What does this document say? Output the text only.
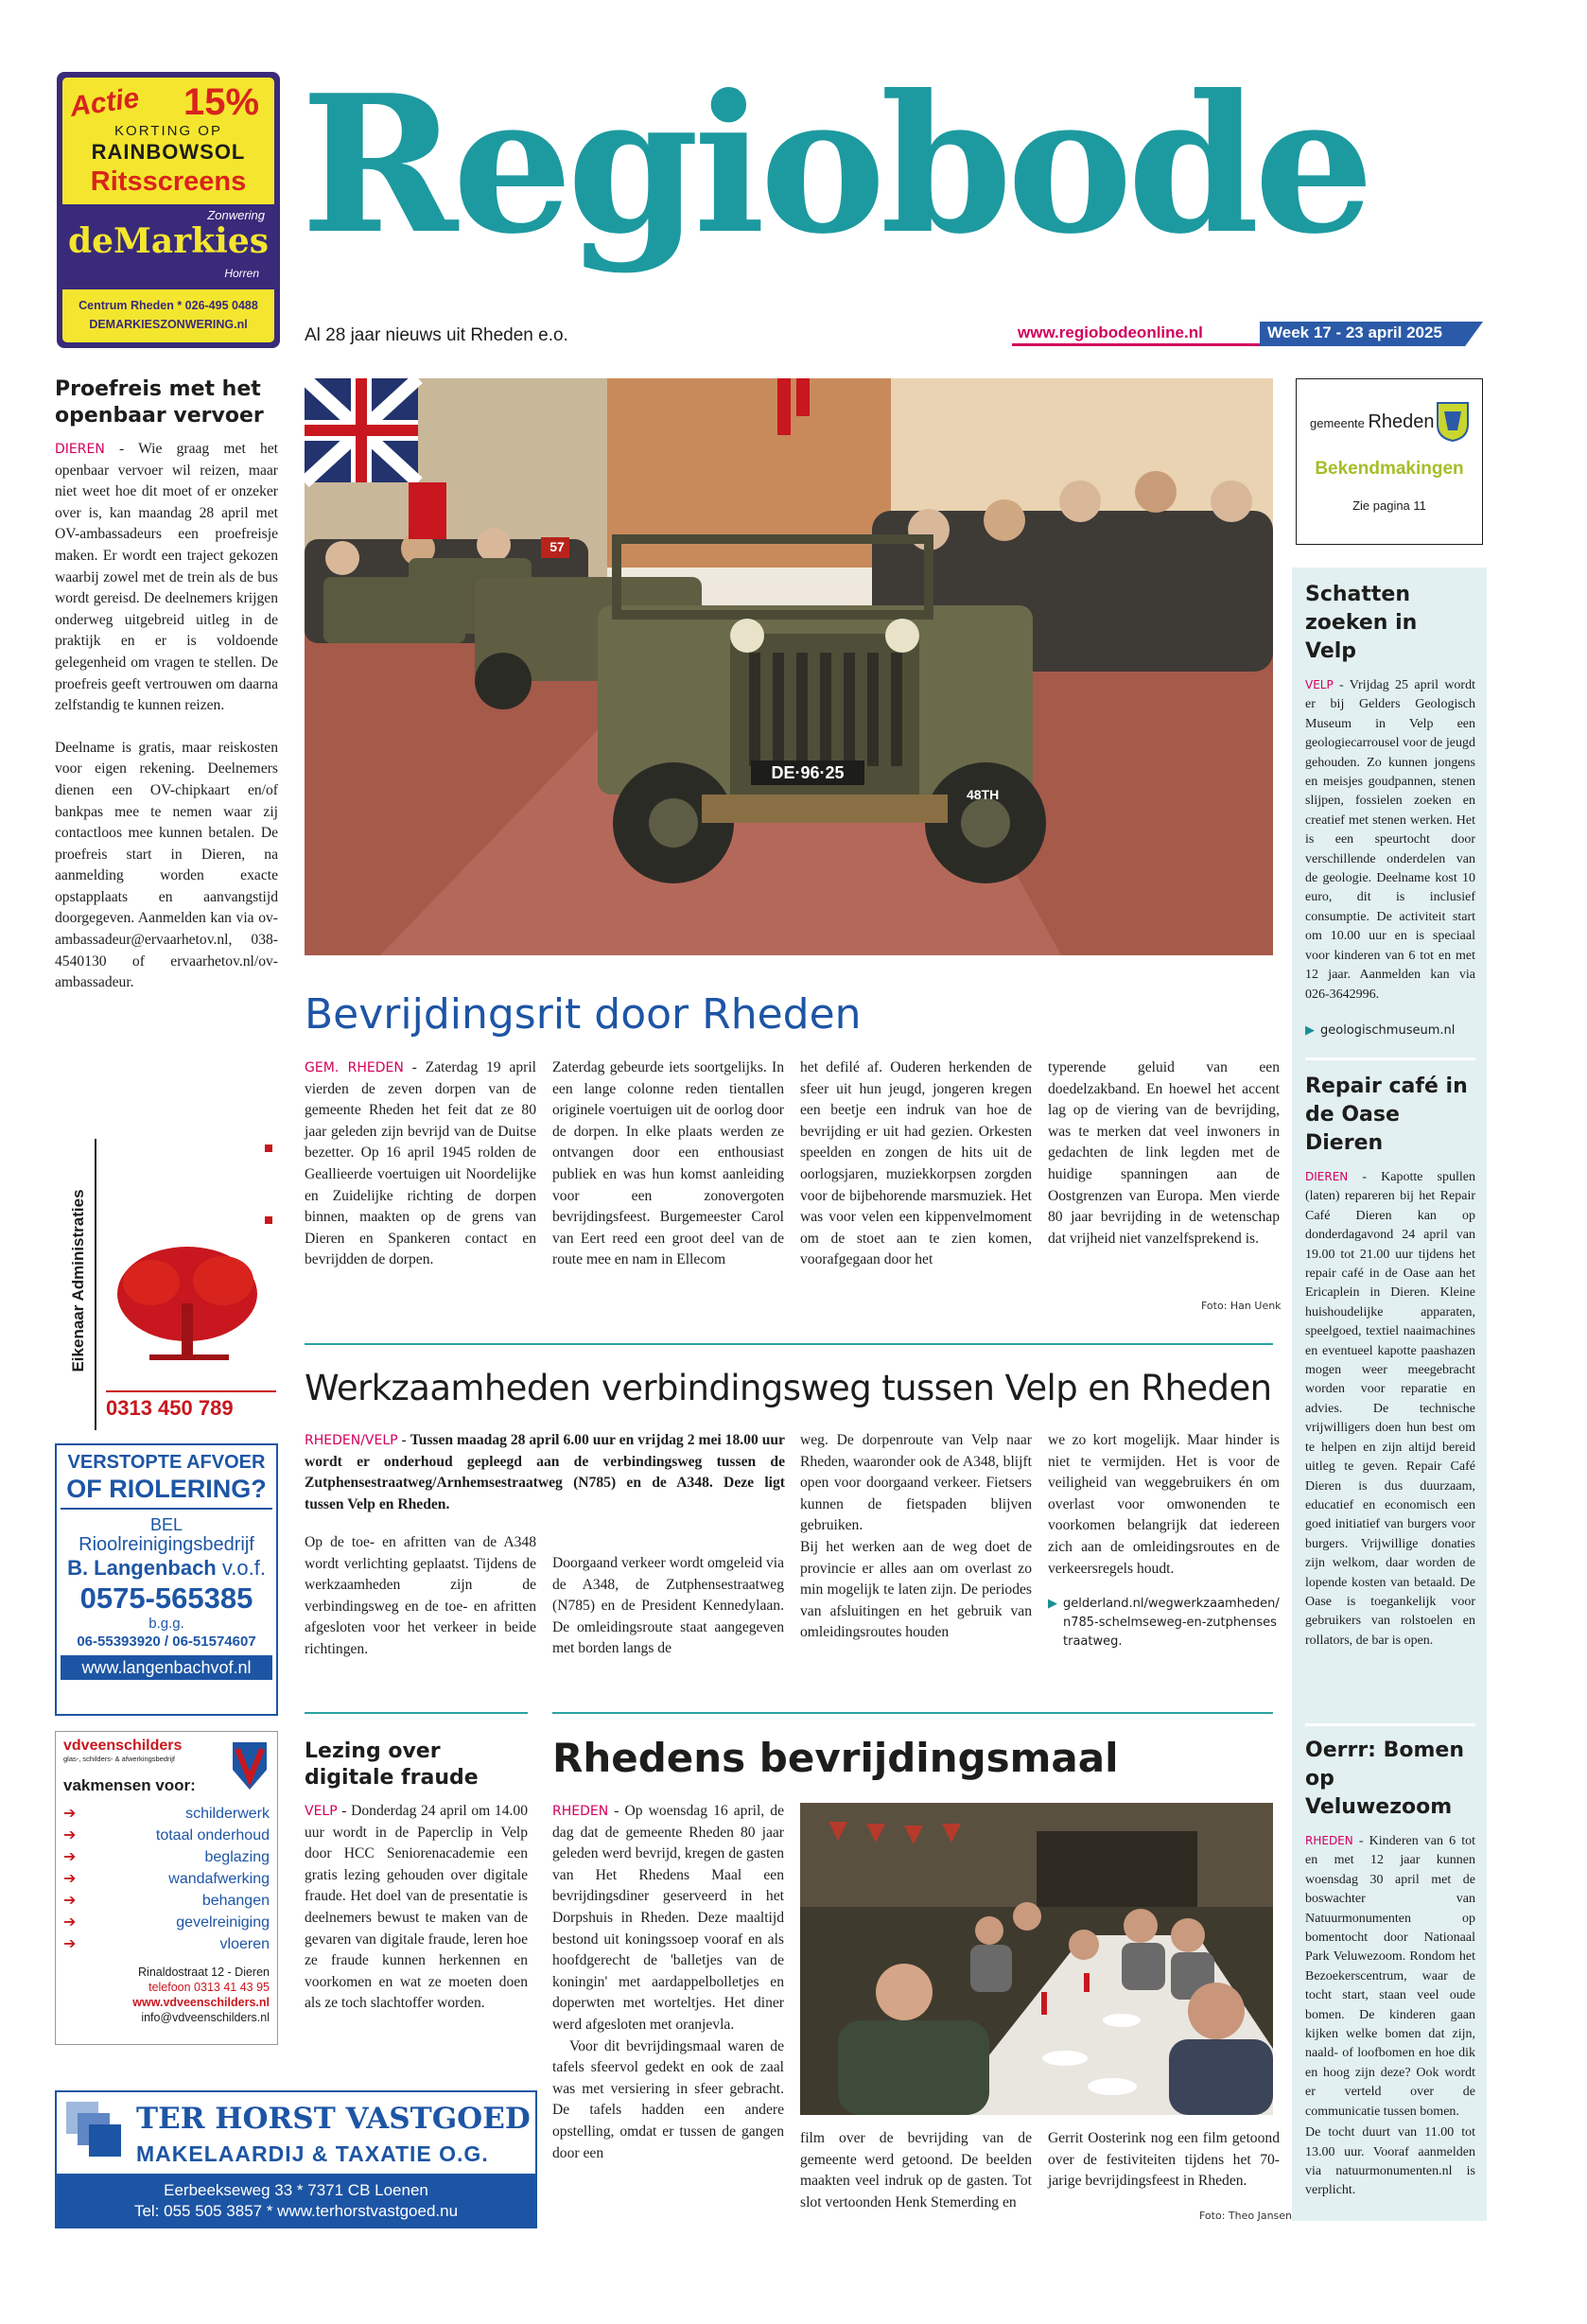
Actie 15%
KORTING OP
RAINBOWSOL
Ritsscreens
Zonwering
deMarkies
Horren
Centrum Rheden * 026-495 0488
DEMARKIESZONWERING.nl
Regiobode
Al 28 jaar nieuws uit Rheden e.o.	www.regiobodeonline.nl	Week 17 - 23 april 2025
Proefreis met het openbaar vervoer
DIEREN - Wie graag met het openbaar vervoer wil reizen, maar niet weet hoe dit moet of er onzeker over is, kan maandag 28 april met OV-ambassadeurs een proefreisje maken. Er wordt een traject gekozen waarbij zowel met de trein als de bus wordt gereisd. De deelnemers krijgen onderweg uitgebreid uitleg in de praktijk en er is voldoende gelegenheid om vragen te stellen. De proefreis geeft vertrouwen om daarna zelfstandig te kunnen reizen.
Deelname is gratis, maar reiskosten voor eigen rekening. Deelnemers dienen een OV-chipkaart en/of bankpas mee te nemen waar zij contactloos mee kunnen betalen. De proefreis start in Dieren, na aanmelding worden exacte opstapplaats en aanvangstijd doorgegeven. Aanmelden kan via ov-ambassadeur@ervaarhetov.nl, 038-4540130 of ervaarhetov.nl/ov-ambassadeur.
Eikenaar Administraties
0313 450 789
VERSTOPTE AFVOER
OF RIOLERING?
BEL
Rioolreinigingsbedrijf
B. Langenbach v.o.f.
0575-565385
b.g.g.
06-55393920 / 06-51574607
www.langenbachvof.nl
vdveenschilders
glas-, schilders- & afwerkingsbedrijf
vakmensen voor:
➔	schilderwerk
➔	totaal onderhoud
➔	beglazing
➔	wandafwerking
➔	behangen
➔	gevelreiniging
➔	vloeren
Rinaldostraat 12 - Dieren
telefoon 0313 41 43 95
www.vdveenschilders.nl
info@vdveenschilders.nl
TER HORST VASTGOED
MAKELAARDIJ & TAXATIE O.G.
Eerbeekseweg 33 * 7371 CB Loenen
Tel: 055 505 3857 * www.terhorstvastgoed.nu
57
DE·96·25
48TH
Bevrijdingsrit door Rheden
GEM. RHEDEN - Zaterdag 19 april vierden de zeven dorpen van de gemeente Rheden het feit dat ze 80 jaar geleden zijn bevrijd van de Duitse bezetter. Op 16 april 1945 rolden de Geallieerde voertuigen uit Noordelijke en Zuidelijke richting de dorpen binnen, maakten op de grens van Dieren en Spankeren contact en bevrijdden de dorpen.
Zaterdag gebeurde iets soortgelijks. In een lange colonne reden tientallen originele voertuigen uit de oorlog door de dorpen. In elke plaats werden ze ontvangen door een enthousiast publiek en was hun komst aanleiding voor een zonovergoten bevrijdingsfeest. Burgemeester Carol van Eert reed een groot deel van de route mee en nam in Ellecom
het defilé af. Ouderen herkenden de sfeer uit hun jeugd, jongeren kregen een beetje een indruk van hoe de bevrijding er uit had gezien. Orkesten speelden en zongen de hits uit de oorlogsjaren, muziekkorpsen zorgden voor de bijbehorende marsmuziek. Het was voor velen een kippenvelmoment om de stoet aan te zien komen, voorafgegaan door het
typerende geluid van een doedelzakband. En hoewel het accent lag op de viering van de bevrijding, was te merken dat veel inwoners in gedachten de link legden met de huidige spanningen aan de Oostgrenzen van Europa. Men vierde 80 jaar bevrijding in de wetenschap dat vrijheid niet vanzelfsprekend is.
Foto: Han Uenk
Werkzaamheden verbindingsweg tussen Velp en Rheden
RHEDEN/VELP - Tussen maadag 28 april 6.00 uur en vrijdag 2 mei 18.00 uur wordt er onderhoud gepleegd aan de verbindingsweg tussen de Zutphensestraatweg/Arnhemsestraatweg (N785) en de A348. Deze ligt tussen Velp en Rheden.
Op de toe- en afritten van de A348 wordt verlichting geplaatst. Tijdens de werkzaamheden zijn de verbindingsweg en de toe- en afritten afgesloten voor het verkeer in beide richtingen.
Doorgaand verkeer wordt omgeleid via de A348, de Zutphensestraatweg (N785) en de President Kennedylaan. De omleidingsroute staat aangegeven met borden langs de
weg. De dorpenroute van Velp naar Rheden, waaronder ook de A348, blijft open voor doorgaand verkeer. Fietsers kunnen de fietspaden blijven gebruiken.
Bij het werken aan de weg doet de provincie er alles aan om overlast zo min mogelijk te laten zijn. De periodes van afsluitingen en het gebruik van omleidingsroutes houden
we zo kort mogelijk. Maar hinder is niet te vermijden. Het is voor de veiligheid van weggebruikers én om overlast voor omwonenden te voorkomen belangrijk dat iedereen zich aan de omleidingsroutes en de verkeersregels houdt.
▶ gelderland.nl/wegwerkzaamheden/n785-schelmseweg-en-zutphensestraatweg.
Lezing over digitale fraude
VELP - Donderdag 24 april om 14.00 uur wordt in de Paperclip in Velp door HCC Seniorenacademie een gratis lezing gehouden over digitale fraude. Het doel van de presentatie is deelnemers bewust te maken van de gevaren van digitale fraude, leren hoe ze fraude kunnen herkennen en voorkomen en wat ze moeten doen als ze toch slachtoffer worden.
Rhedens bevrijdingsmaal
RHEDEN - Op woensdag 16 april, de dag dat de gemeente Rheden 80 jaar geleden werd bevrijd, kregen de gasten van Het Rhedens Maal een bevrijdingsdiner geserveerd in het Dorpshuis in Rheden. Deze maaltijd bestond uit koningssoep vooraf en als hoofdgerecht de 'balletjes van de koningin' met aardappelbolletjes en doperwten met worteltjes. Het diner werd afgesloten met oranjevla.
Voor dit bevrijdingsmaal waren de tafels sfeervol gedekt en ook de zaal was met versiering in sfeer gebracht. De tafels hadden een andere opstelling, omdat er tussen de gangen door een
film over de bevrijding van de gemeente werd getoond. De beelden maakten veel indruk op de gasten. Tot slot vertoonden Henk Stemerding en
Gerrit Oosterink nog een film getoond over de festiviteiten tijdens het 70-jarige bevrijdingsfeest in Rheden.
Foto: Theo Jansen
gemeente Rheden
Bekendmakingen
Zie pagina 11
Schatten zoeken in Velp
VELP - Vrijdag 25 april wordt er bij Gelders Geologisch Museum in Velp een geologiecarrousel voor de jeugd gehouden. Zo kunnen jongens en meisjes goudpannen, stenen slijpen, fossielen zoeken en creatief met stenen werken. Het is een speurtocht door verschillende onderdelen van de geologie. Deelname kost 10 euro, dit is inclusief consumptie. De activiteit start om 10.00 uur en is speciaal voor kinderen van 6 tot en met 12 jaar. Aanmelden kan via 026-3642996.
▶ geologischmuseum.nl
Repair café in de Oase Dieren
DIEREN - Kapotte spullen (laten) repareren bij het Repair Café Dieren kan op donderdagavond 24 april van 19.00 tot 21.00 uur tijdens het repair café in de Oase aan het Ericaplein in Dieren. Kleine huishoudelijke apparaten, speelgoed, textiel naaimachines en eventueel kapotte paashazen mogen weer meegebracht worden voor reparatie en advies. De technische vrijwilligers doen hun best om te helpen en zijn altijd bereid uitleg te geven. Repair Café Dieren is dus duurzaam, educatief en economisch een goed initiatief van burgers voor burgers. Vrijwillige donaties zijn welkom, daar worden de lopende kosten van betaald. De Oase is toegankelijk voor gebruikers van rolstoelen en rollators, de bar is open.
Oerrr: Bomen op Veluwezoom
RHEDEN - Kinderen van 6 tot en met 12 jaar kunnen woensdag 30 april met de boswachter van Natuurmonumenten op bomentocht door Nationaal Park Veluwezoom. Rondom het Bezoekerscentrum, waar de tocht start, staan veel oude bomen. De kinderen gaan kijken welke bomen dat zijn, naald- of loofbomen en hoe dik en hoog zijn deze? Ook wordt er verteld over de communicatie tussen bomen.
De tocht duurt van 11.00 tot 13.00 uur. Vooraf aanmelden via natuurmonumenten.nl is verplicht.
